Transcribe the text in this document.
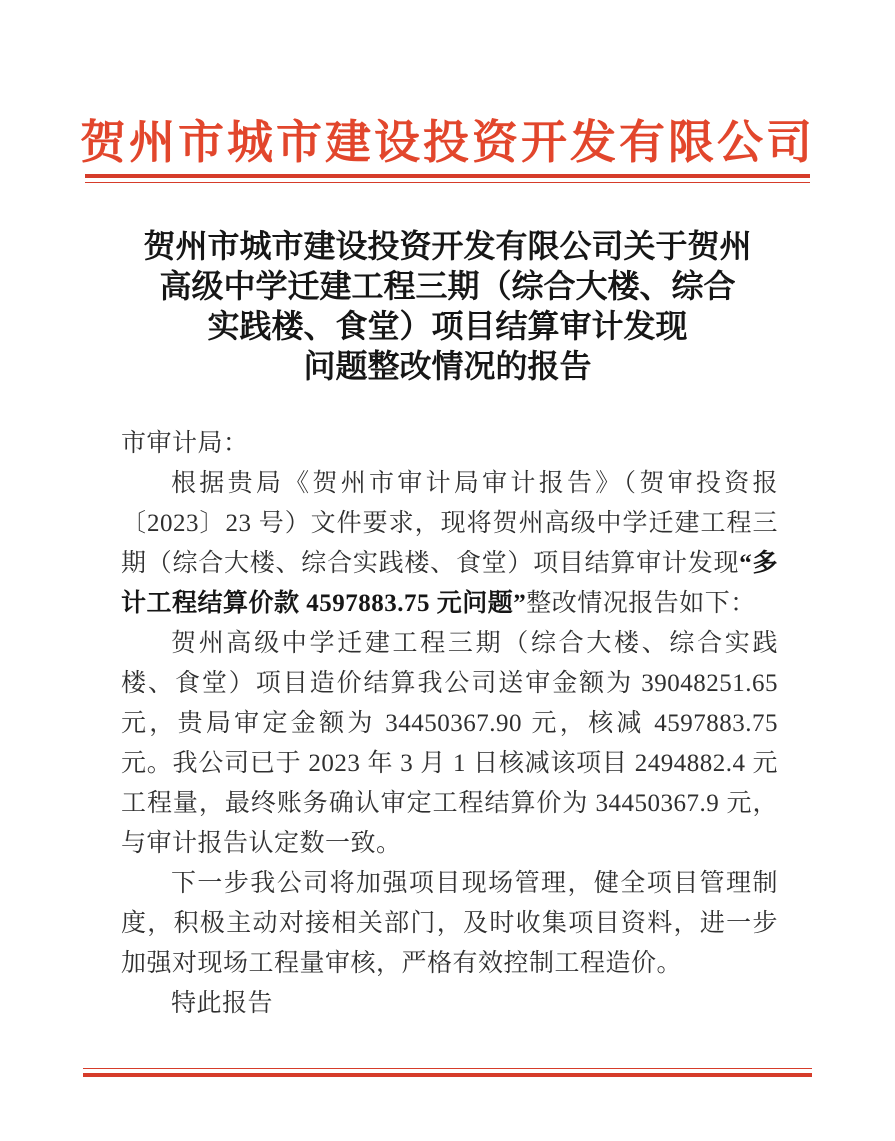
贺州市城市建设投资开发有限公司
贺州市城市建设投资开发有限公司关于贺州
高级中学迁建工程三期（综合大楼、综合
实践楼、食堂）项目结算审计发现
问题整改情况的报告

市审计局：

根据贵局《贺州市审计局审计报告》（贺审投资报〔2023〕23 号）文件要求，现将贺州高级中学迁建工程三期（综合大楼、综合实践楼、食堂）项目结算审计发现“多计工程结算价款 4597883.75 元问题”整改情况报告如下：

贺州高级中学迁建工程三期（综合大楼、综合实践楼、食堂）项目造价结算我公司送审金额为 39048251.65 元，贵局审定金额为 34450367.90 元，核减 4597883.75 元。我公司已于 2023 年 3 月 1 日核减该项目 2494882.4 元工程量，最终账务确认审定工程结算价为 34450367.9 元，与审计报告认定数一致。

下一步我公司将加强项目现场管理，健全项目管理制度，积极主动对接相关部门，及时收集项目资料，进一步加强对现场工程量审核，严格有效控制工程造价。

特此报告
